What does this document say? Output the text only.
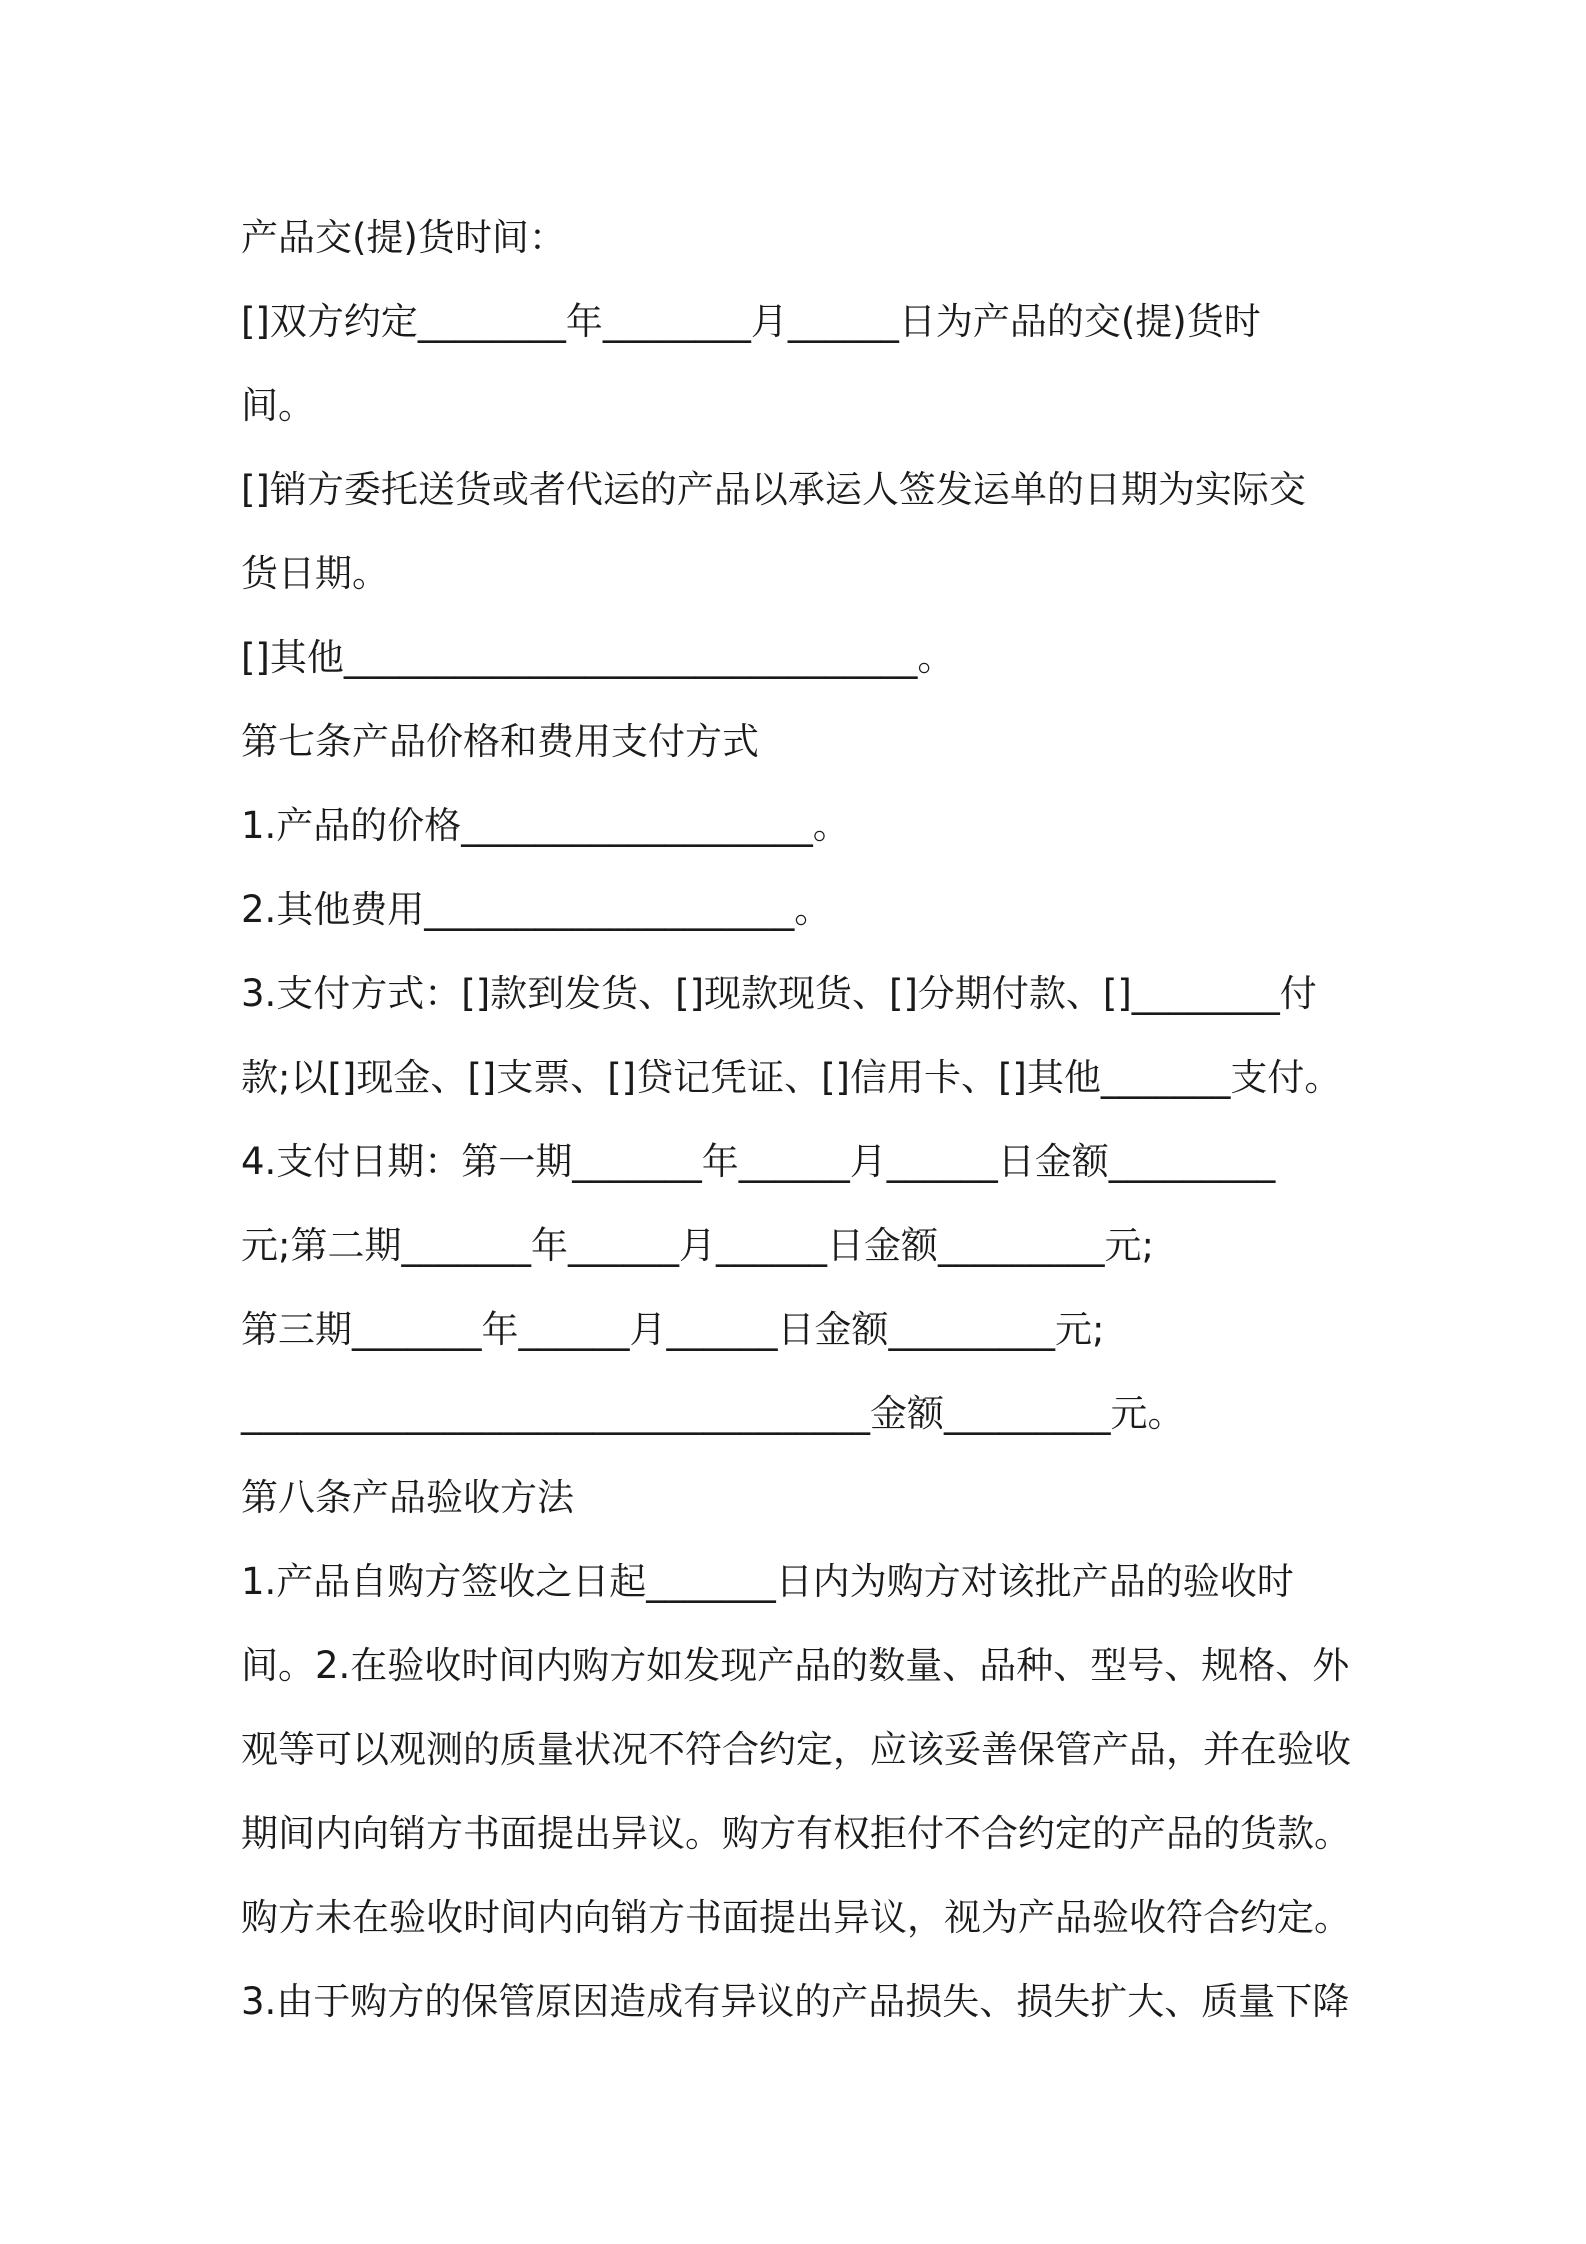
产品交(提)货时间：
[]双方约定________年________月______日为产品的交(提)货时
间。
[]销方委托送货或者代运的产品以承运人签发运单的日期为实际交
货日期。
[]其他_______________________________。
第七条产品价格和费用支付方式
1.产品的价格___________________。
2.其他费用____________________。
3.支付方式：[]款到发货、[]现款现货、[]分期付款、[]________付
款;以[]现金、[]支票、[]贷记凭证、[]信用卡、[]其他_______支付。
4.支付日期：第一期_______年______月______日金额_________
元;第二期_______年______月______日金额_________元;
第三期_______年______月______日金额_________元;
__________________________________金额_________元。
第八条产品验收方法
1.产品自购方签收之日起_______日内为购方对该批产品的验收时
间。2.在验收时间内购方如发现产品的数量、品种、型号、规格、外
观等可以观测的质量状况不符合约定，应该妥善保管产品，并在验收
期间内向销方书面提出异议。购方有权拒付不合约定的产品的货款。
购方未在验收时间内向销方书面提出异议，视为产品验收符合约定。
3.由于购方的保管原因造成有异议的产品损失、损失扩大、质量下降
